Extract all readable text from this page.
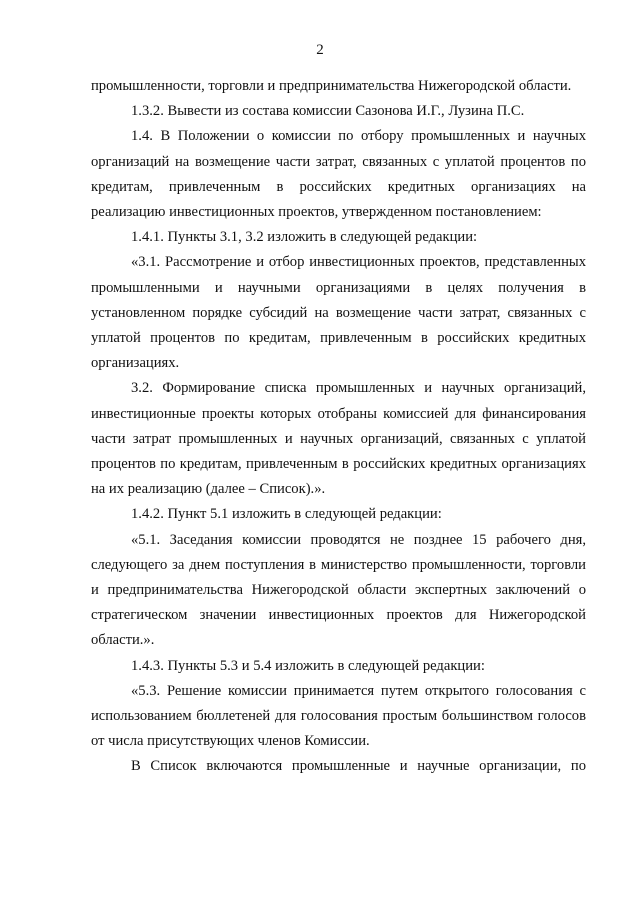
2

промышленности, торговли и предпринимательства Нижегородской области.

1.3.2. Вывести из состава комиссии Сазонова И.Г., Лузина П.С.

1.4. В Положении о комиссии по отбору промышленных и научных организаций на возмещение части затрат, связанных с уплатой процентов по кредитам, привлеченным в российских кредитных организациях на реализацию инвестиционных проектов, утвержденном постановлением:

1.4.1. Пункты 3.1, 3.2 изложить в следующей редакции:

«3.1. Рассмотрение и отбор инвестиционных проектов, представленных промышленными и научными организациями в целях получения в установленном порядке субсидий на возмещение части затрат, связанных с уплатой процентов по кредитам, привлеченным в российских кредитных организациях.

3.2. Формирование списка промышленных и научных организаций, инвестиционные проекты которых отобраны комиссией для финансирования части затрат промышленных и научных организаций, связанных с уплатой процентов по кредитам, привлеченным в российских кредитных организациях на их реализацию (далее – Список).».

1.4.2. Пункт 5.1 изложить в следующей редакции:

«5.1. Заседания комиссии проводятся не позднее 15 рабочего дня, следующего за днем поступления в министерство промышленности, торговли и предпринимательства Нижегородской области экспертных заключений о стратегическом значении инвестиционных проектов для Нижегородской области.».

1.4.3. Пункты 5.3 и 5.4 изложить в следующей редакции:

«5.3. Решение комиссии принимается путем открытого голосования с использованием бюллетеней для голосования простым большинством голосов от числа присутствующих членов Комиссии.

В Список включаются промышленные и научные организации, по
